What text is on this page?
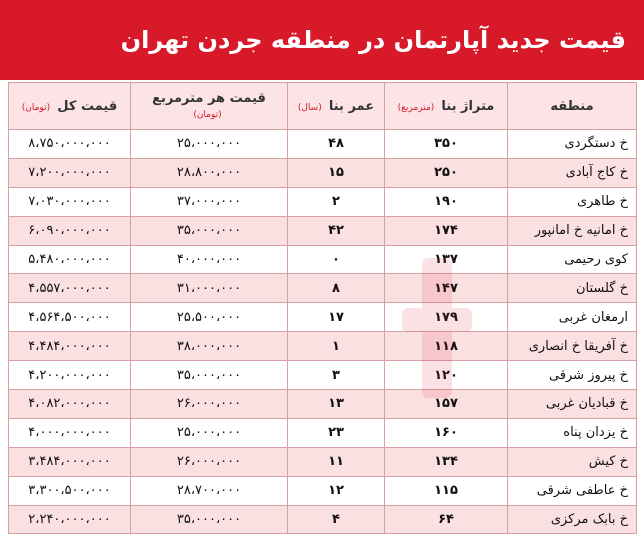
قیمت جدید آپارتمان در منطقه جردن تهران
منطقه	متراژ بنا (مترمربع)	عمر بنا (سال)	قیمت هر مترمربع (تومان)	قیمت کل (تومان)
خ دستگردی	۳۵۰	۴۸	۲۵،۰۰۰،۰۰۰	۸،۷۵۰،۰۰۰،۰۰۰
خ کاج آبادی	۲۵۰	۱۵	۲۸،۸۰۰،۰۰۰	۷،۲۰۰،۰۰۰،۰۰۰
خ طاهری	۱۹۰	۲	۳۷،۰۰۰،۰۰۰	۷،۰۳۰،۰۰۰،۰۰۰
خ امانیه خ امانپور	۱۷۴	۴۲	۳۵،۰۰۰،۰۰۰	۶،۰۹۰،۰۰۰،۰۰۰
کوی رحیمی	۱۳۷	۰	۴۰،۰۰۰،۰۰۰	۵،۴۸۰،۰۰۰،۰۰۰
خ گلستان	۱۴۷	۸	۳۱،۰۰۰،۰۰۰	۴،۵۵۷،۰۰۰،۰۰۰
ارمغان غربی	۱۷۹	۱۷	۲۵،۵۰۰،۰۰۰	۴،۵۶۴،۵۰۰،۰۰۰
خ آفریقا خ انصاری	۱۱۸	۱	۳۸،۰۰۰،۰۰۰	۴،۴۸۴،۰۰۰،۰۰۰
خ پیروز شرقی	۱۲۰	۳	۳۵،۰۰۰،۰۰۰	۴،۲۰۰،۰۰۰،۰۰۰
خ قبادیان غربی	۱۵۷	۱۳	۲۶،۰۰۰،۰۰۰	۴،۰۸۲،۰۰۰،۰۰۰
خ یزدان پناه	۱۶۰	۲۳	۲۵،۰۰۰،۰۰۰	۴،۰۰۰،۰۰۰،۰۰۰
خ کیش	۱۳۴	۱۱	۲۶،۰۰۰،۰۰۰	۳،۴۸۴،۰۰۰،۰۰۰
خ عاطفی شرقی	۱۱۵	۱۲	۲۸،۷۰۰،۰۰۰	۳،۳۰۰،۵۰۰،۰۰۰
خ بابک مرکزی	۶۴	۴	۳۵،۰۰۰،۰۰۰	۲،۲۴۰،۰۰۰،۰۰۰
